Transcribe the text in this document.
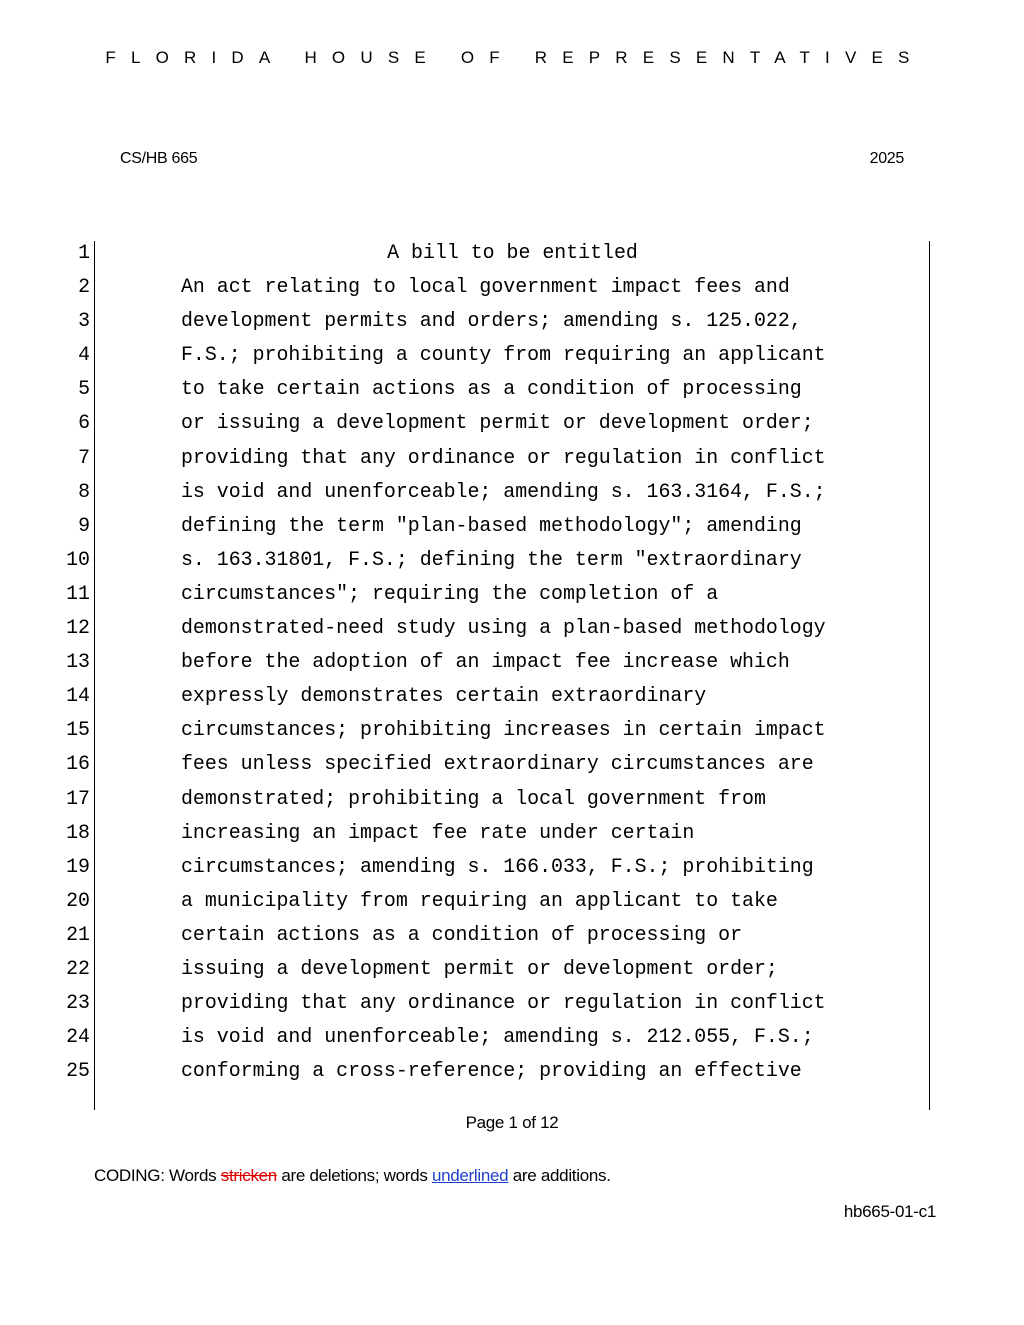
FLORIDA HOUSE OF REPRESENTATIVES
CS/HB 665	2025
1	A bill to be entitled
2	An act relating to local government impact fees and
3	development permits and orders; amending s. 125.022,
4	F.S.; prohibiting a county from requiring an applicant
5	to take certain actions as a condition of processing
6	or issuing a development permit or development order;
7	providing that any ordinance or regulation in conflict
8	is void and unenforceable; amending s. 163.3164, F.S.;
9	defining the term "plan-based methodology"; amending
10	s. 163.31801, F.S.; defining the term "extraordinary
11	circumstances"; requiring the completion of a
12	demonstrated-need study using a plan-based methodology
13	before the adoption of an impact fee increase which
14	expressly demonstrates certain extraordinary
15	circumstances; prohibiting increases in certain impact
16	fees unless specified extraordinary circumstances are
17	demonstrated; prohibiting a local government from
18	increasing an impact fee rate under certain
19	circumstances; amending s. 166.033, F.S.; prohibiting
20	a municipality from requiring an applicant to take
21	certain actions as a condition of processing or
22	issuing a development permit or development order;
23	providing that any ordinance or regulation in conflict
24	is void and unenforceable; amending s. 212.055, F.S.;
25	conforming a cross-reference; providing an effective
Page 1 of 12
CODING: Words stricken are deletions; words underlined are additions.
hb665-01-c1
